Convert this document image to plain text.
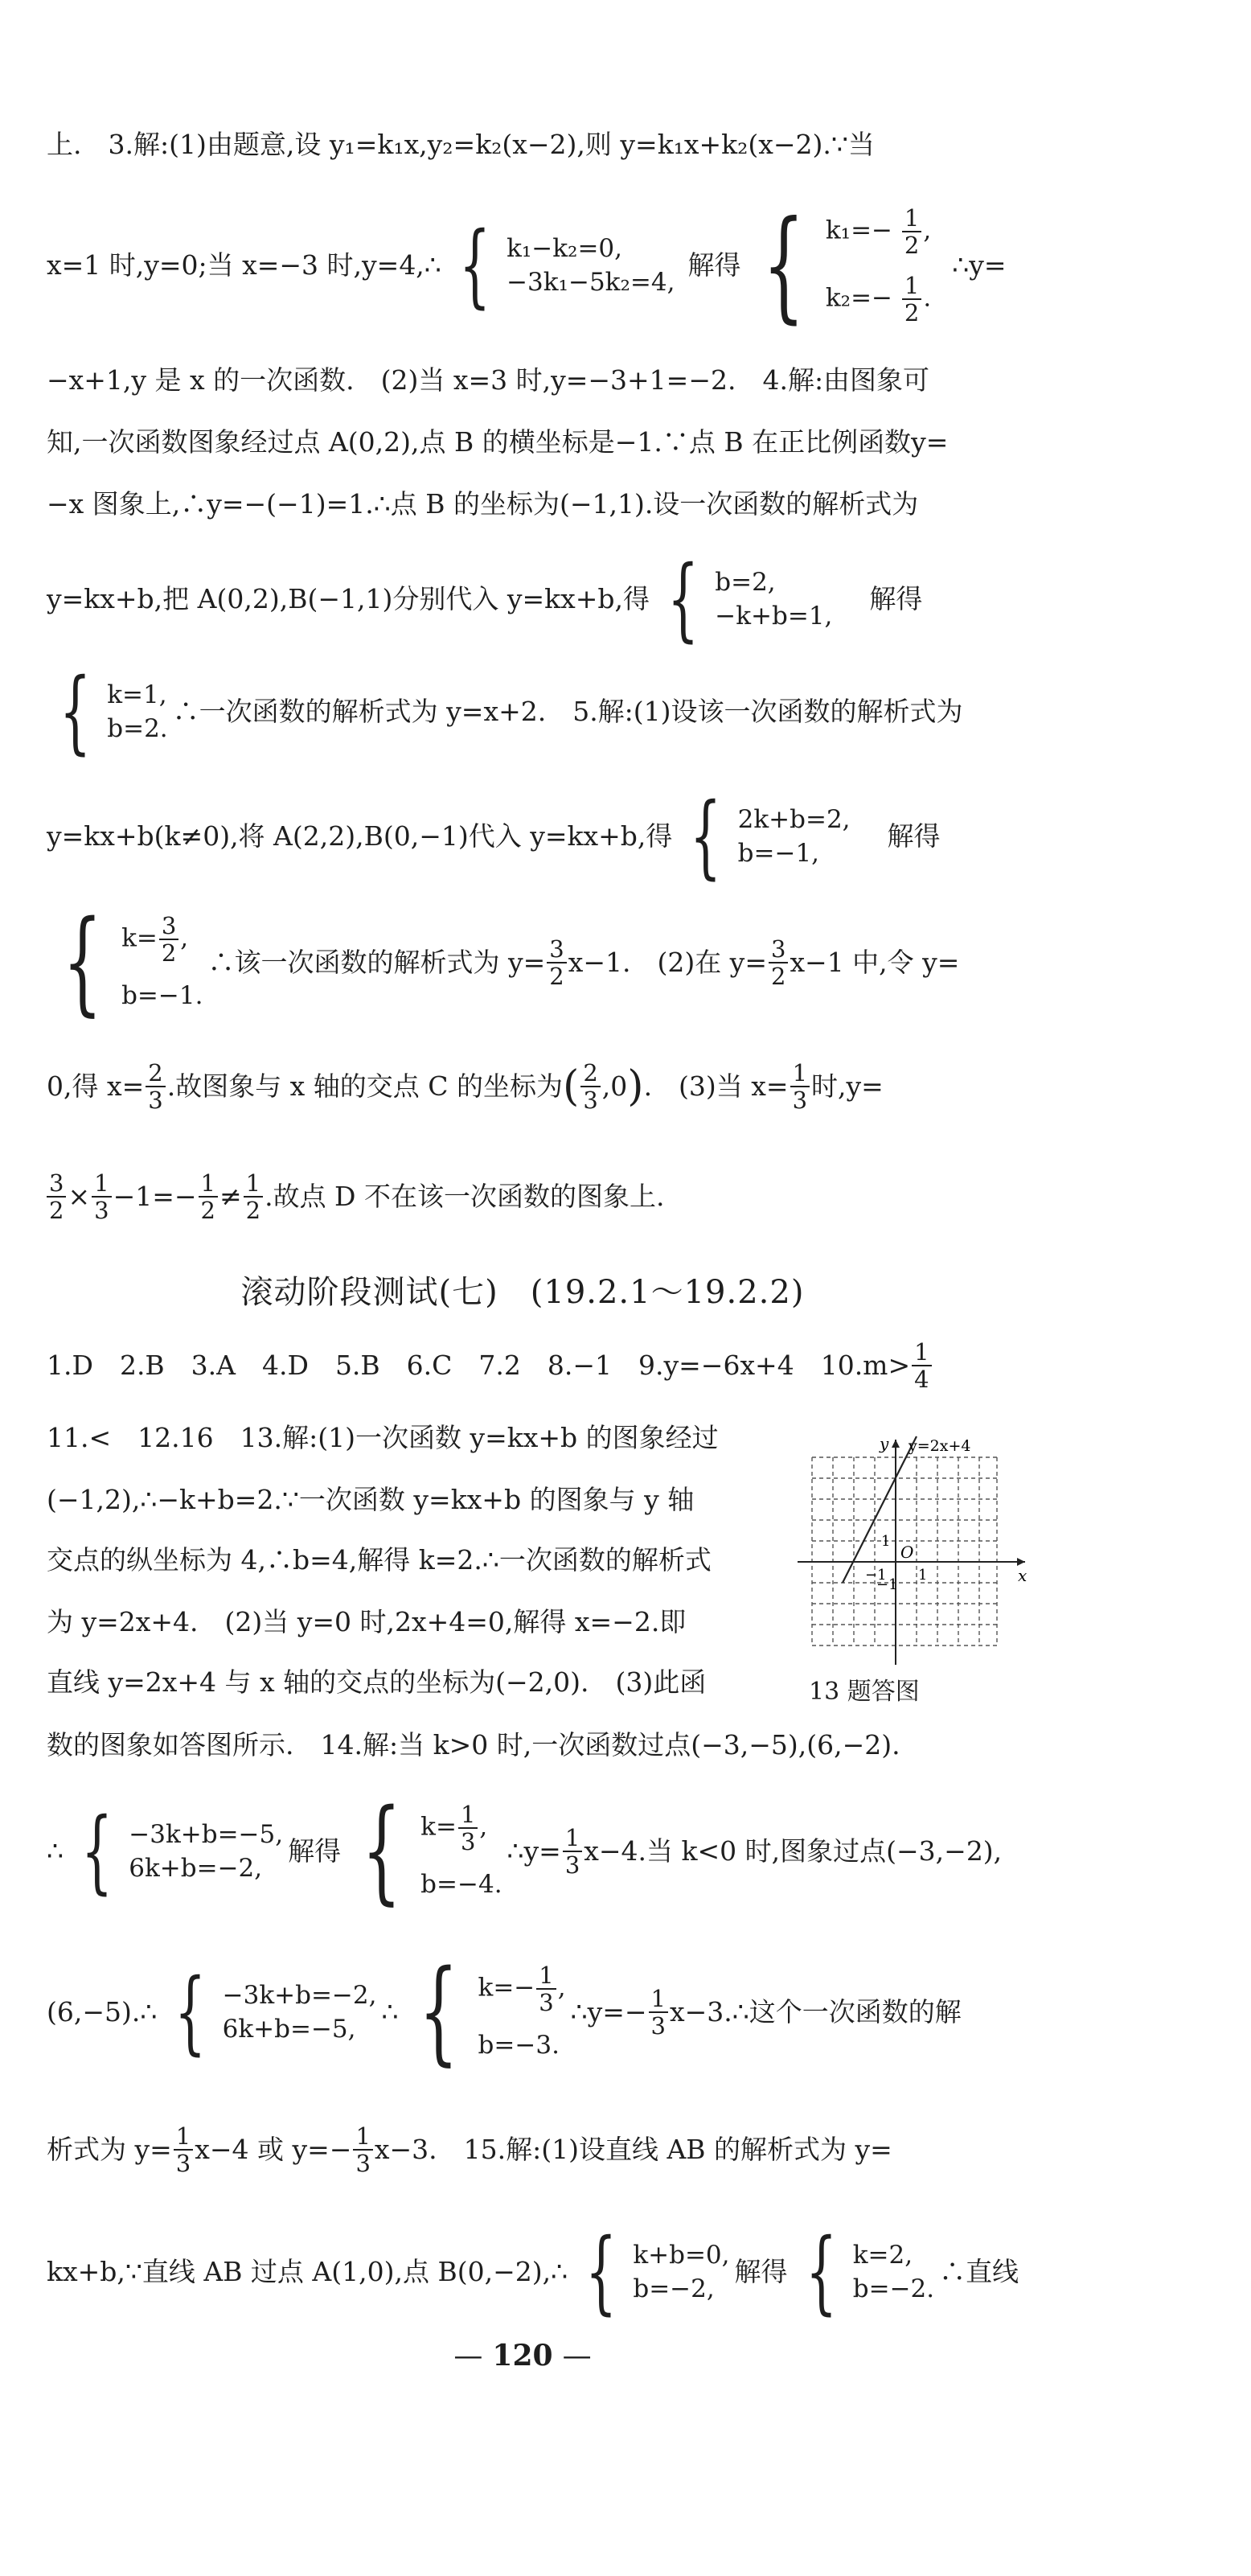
上.　3.解:(1)由题意,设 y₁=k₁x,y₂=k₂(x−2),则 y=k₁x+k₂(x−2).∵当
x=1 时,y=0;当 x=−3 时,y=4,∴ { k₁−k₂=0,
−3k₁−5k₂=4,
解得 { $k_1=- \frac{1}{2}$ ,
$k_2=- \frac{1}{2}$ .
∴y=
−x+1,y 是 x 的一次函数.　(2)当 x=3 时,y=−3+1=−2.　4.解:由图象可
知,一次函数图象经过点 A(0,2),点 B 的横坐标是−1.∵点 B 在正比例函数y=
−x 图象上,∴y=−(−1)=1.∴点 B 的坐标为(−1,1).设一次函数的解析式为
y=kx+b,把 A(0,2),B(−1,1)分别代入 y=kx+b,得 { b=2,
−k+b=1,
解得
{ k=1,
b=2.
∴一次函数的解析式为 y=x+2.　5.解:(1)设该一次函数的解析式为
y=kx+b(k≠0),将 A(2,2),B(0,−1)代入 y=kx+b,得 { 2k+b=2,
b=−1,
解得
{ $k= \frac{3}{2}$ ,
b=−1.
∴该一次函数的解析式为 $y= \frac{3}{2} x-1$.　(2)在 $y= \frac{3}{2} x-1$ 中,令 y=
0,得 $x= \frac{2}{3}$ .故图象与 x 轴的交点 C 的坐标为 ( $\frac{2}{3} ,0$ ) .　(3)当 $x= \frac{1}{3}$ 时,y=
$\frac{3}{2} \times \frac{1}{3} -1=- \frac{1}{2} \ne \frac{1}{2}$ .故点 D 不在该一次函数的图象上.
滚动阶段测试(七) (19.2.1～19.2.2)
1.D　2.B　3.A　4.D　5.B　6.C　7.2　8.−1　9.y=−6x+4　$10.m> \frac{1}{4}$
11.<　12.16　13.解:(1)一次函数 y=kx+b 的图象经过
(−1,2),∴−k+b=2.∵一次函数 y=kx+b 的图象与 y 轴
交点的纵坐标为 4,∴b=4,解得 k=2.∴一次函数的解析式
为 y=2x+4.　(2)当 y=0 时,2x+4=0,解得 x=−2.即
直线 y=2x+4 与 x 轴的交点的坐标为(−2,0).　(3)此函
x
y y=2x+4
O
1
−1
1
−1
13 题答图
数的图象如答图所示.　14.解:当 k>0 时,一次函数过点(−3,−5),(6,−2).
∴ { −3k+b=−5,
6k+b=−2,
解得 { $k= \frac{1}{3}$ ,
b=−4.
∴y= $\frac{1}{3} x-4$.当 k<0 时,图象过点(−3,−2),
(6,−5).∴ { −3k+b=−2,
6k+b=−5,
∴ { $k=- \frac{1}{3}$ ,
b=−3.
∴y=− $\frac{1}{3}$ x−3.∴这个一次函数的解
析式为 $y= \frac{1}{3} x-4$ 或 $y=- \frac{1}{3} x-3$.　15.解:(1)设直线 AB 的解析式为 y=
kx+b,∵直线 AB 过点 A(1,0),点 B(0,−2),∴ { k+b=0,
b=−2,
解得 { k=2,
b=−2.
∴直线
— 120 —
